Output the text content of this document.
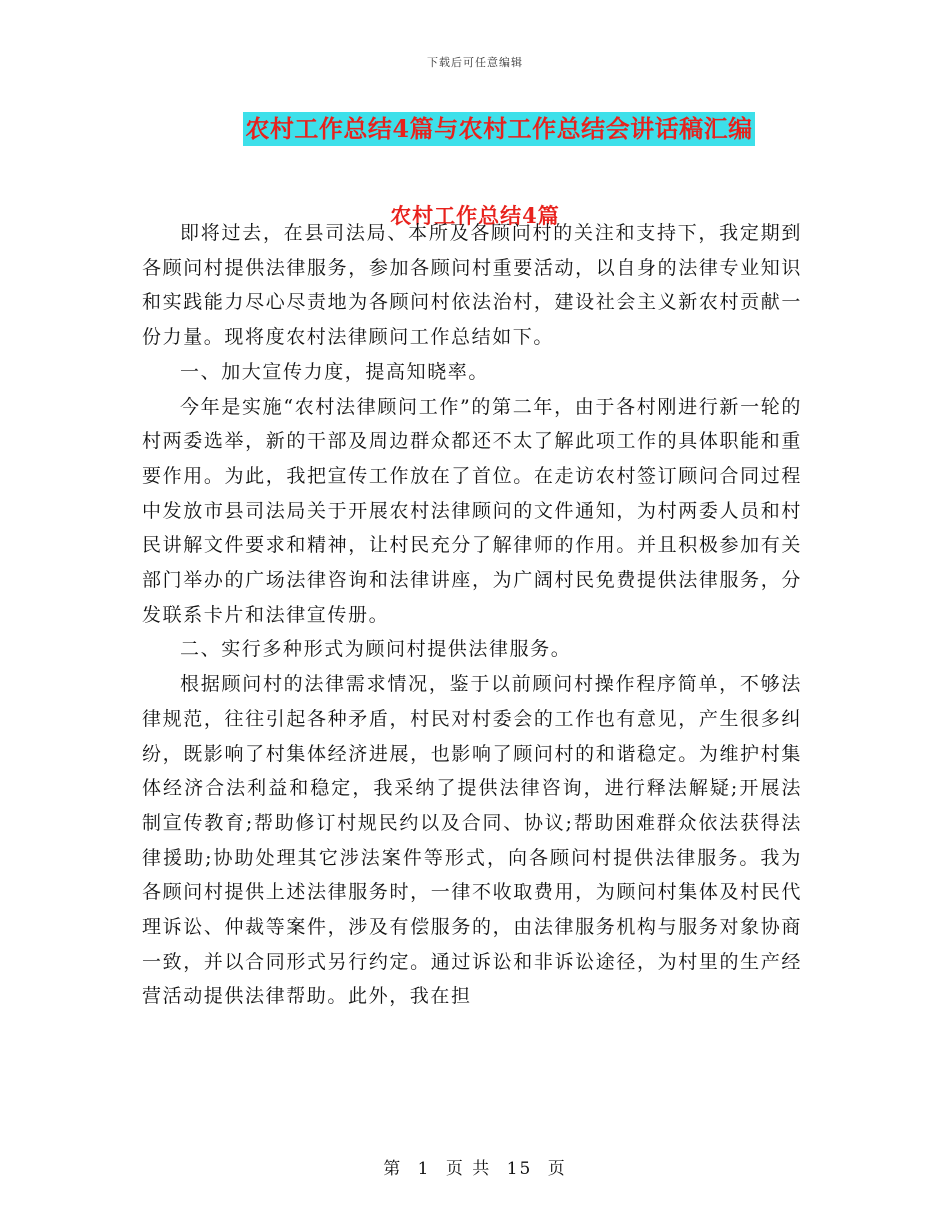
下载后可任意编辑
农村工作总结4篇与农村工作总结会讲话稿汇编
农村工作总结4篇

即将过去，在县司法局、本所及各顾问村的关注和支持下，我定期到各顾问村提供法律服务，参加各顾问村重要活动，以自身的法律专业知识和实践能力尽心尽责地为各顾问村依法治村，建设社会主义新农村贡献一份力量。现将度农村法律顾问工作总结如下。

一、加大宣传力度，提高知晓率。

今年是实施“农村法律顾问工作”的第二年，由于各村刚进行新一轮的村两委选举，新的干部及周边群众都还不太了解此项工作的具体职能和重要作用。为此，我把宣传工作放在了首位。在走访农村签订顾问合同过程中发放市县司法局关于开展农村法律顾问的文件通知，为村两委人员和村民讲解文件要求和精神，让村民充分了解律师的作用。并且积极参加有关部门举办的广场法律咨询和法律讲座，为广阔村民免费提供法律服务，分发联系卡片和法律宣传册。

二、实行多种形式为顾问村提供法律服务。

根据顾问村的法律需求情况，鉴于以前顾问村操作程序简单，不够法律规范，往往引起各种矛盾，村民对村委会的工作也有意见，产生很多纠纷，既影响了村集体经济进展，也影响了顾问村的和谐稳定。为维护村集体经济合法利益和稳定，我采纳了提供法律咨询，进行释法解疑;开展法制宣传教育;帮助修订村规民约以及合同、协议;帮助困难群众依法获得法律援助;协助处理其它涉法案件等形式，向各顾问村提供法律服务。我为各顾问村提供上述法律服务时，一律不收取费用，为顾问村集体及村民代理诉讼、仲裁等案件，涉及有偿服务的，由法律服务机构与服务对象协商一致，并以合同形式另行约定。通过诉讼和非诉讼途径，为村里的生产经营活动提供法律帮助。此外，我在担

第 1 页 共 15 页
